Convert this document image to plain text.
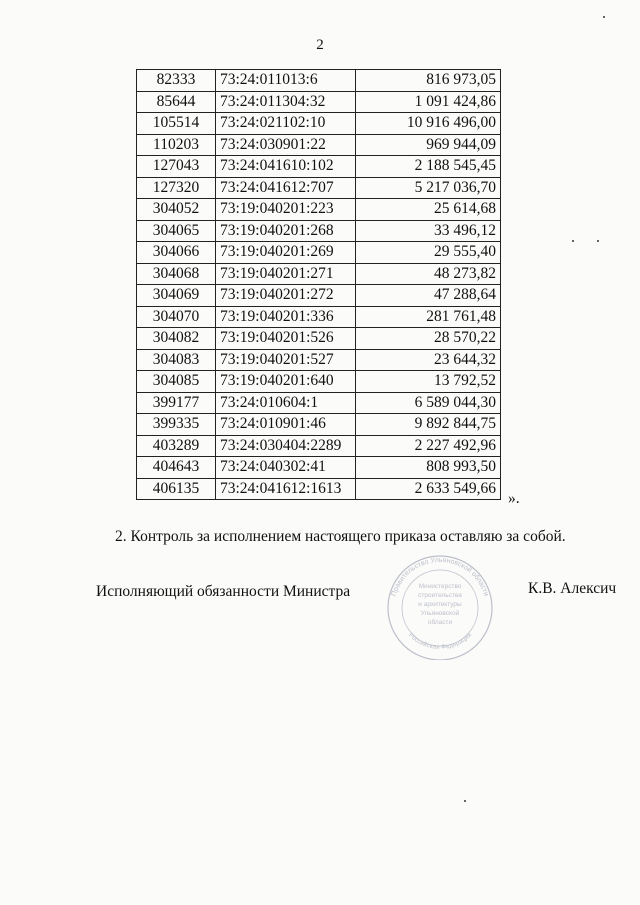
2
82333	73:24:011013:6	816 973,05
85644	73:24:011304:32	1 091 424,86
105514	73:24:021102:10	10 916 496,00
110203	73:24:030901:22	969 944,09
127043	73:24:041610:102	2 188 545,45
127320	73:24:041612:707	5 217 036,70
304052	73:19:040201:223	25 614,68
304065	73:19:040201:268	33 496,12
304066	73:19:040201:269	29 555,40
304068	73:19:040201:271	48 273,82
304069	73:19:040201:272	47 288,64
304070	73:19:040201:336	281 761,48
304082	73:19:040201:526	28 570,22
304083	73:19:040201:527	23 644,32
304085	73:19:040201:640	13 792,52
399177	73:24:010604:1	6 589 044,30
399335	73:24:010901:46	9 892 844,75
403289	73:24:030404:2289	2 227 492,96
404643	73:24:040302:41	808 993,50
406135	73:24:041612:1613	2 633 549,66
».
2. Контроль за исполнением настоящего приказа оставляю за собой.
Исполняющий обязанности Министра	К.В. Алексич
Правительство Ульяновской области
Российская Федерация
Министерство
строительства
и архитектуры
Ульяновской
области
